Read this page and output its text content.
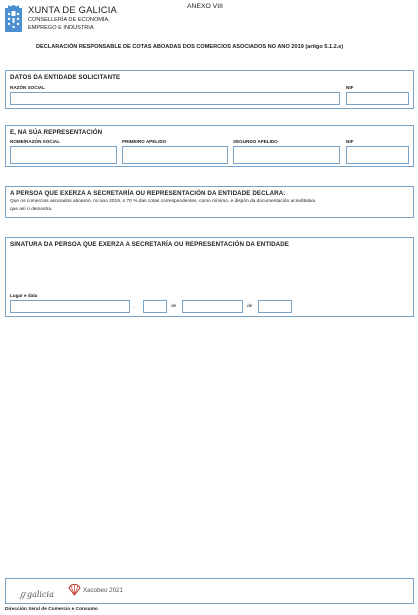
XUNTA DE GALICIA
CONSELLERÍA DE ECONOMÍA,
EMPREGO E INDUSTRIA
ANEXO VIII
DECLARACIÓN RESPONSABLE DE COTAS ABOADAS DOS COMERCIOS ASOCIADOS NO ANO 2019 (artigo 5.1.2.e)
DATOS DA ENTIDADE SOLICITANTE
RAZÓN SOCIAL	NIF
E, NA SÚA REPRESENTACIÓN
NOME/RAZÓN SOCIAL	PRIMEIRO APELIDO	SEGUNDO APELIDO	NIF
A PERSOA QUE EXERZA A SECRETARÍA OU REPRESENTACIÓN DA ENTIDADE DECLARA:
Que os comercios asociados aboaron, no ano 2019, o 70 % das cotas correspondentes, como mínimo, e dispón da documentación acreditativa
que así o demostra.
SINATURA DA PERSOA QUE EXERZA A SECRETARÍA OU REPRESENTACIÓN DA ENTIDADE
Lugar e data
,	de	de
ℊgalicia	Xacobeo 2021
Dirección Xeral de Comercio e Consumo
